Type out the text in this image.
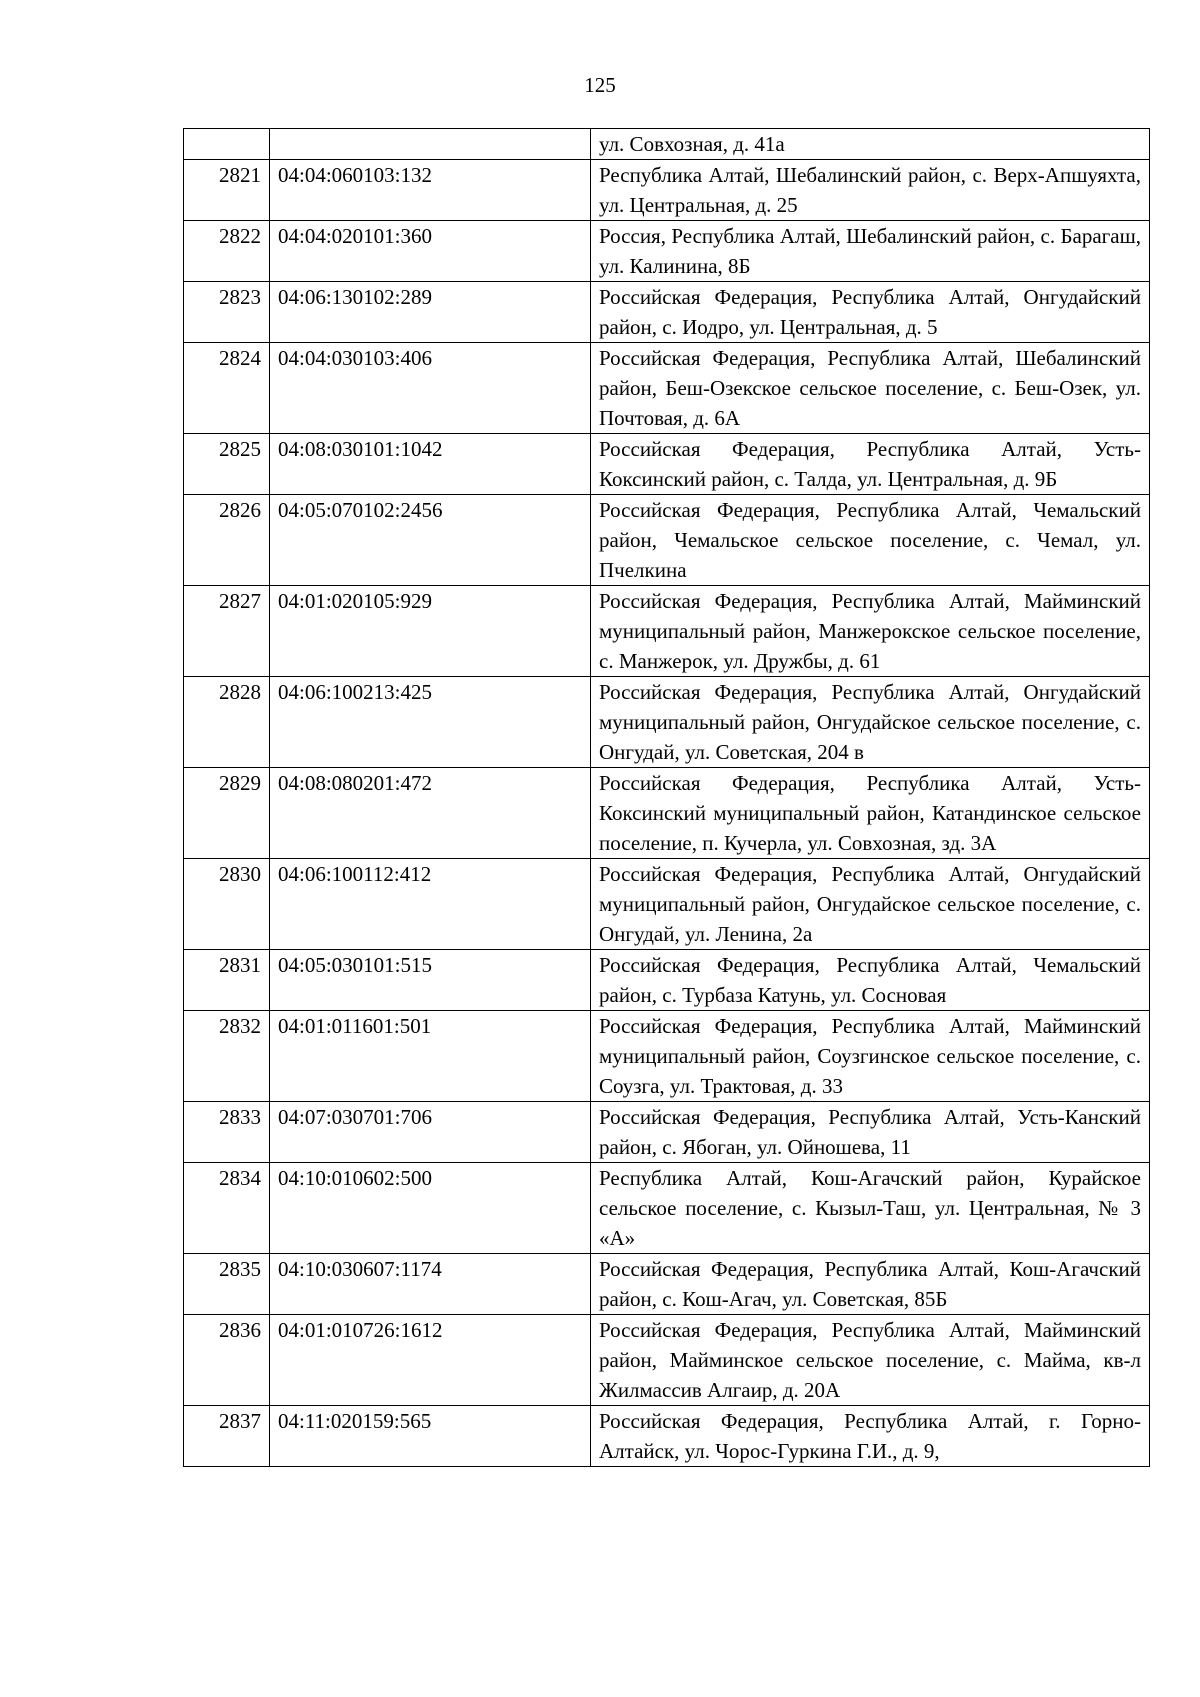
125
		ул. Совхозная, д. 41а
2821	04:04:060103:132	Республика Алтай, Шебалинский район, с. Верх-Апшуяхта, ул. Центральная, д. 25
2822	04:04:020101:360	Россия, Республика Алтай, Шебалинский район, с. Барагаш, ул. Калинина, 8Б
2823	04:06:130102:289	Российская Федерация, Республика Алтай, Онгудайский район, с. Иодро, ул. Центральная, д. 5
2824	04:04:030103:406	Российская Федерация, Республика Алтай, Шебалинский район, Беш-Озекское сельское поселение, с. Беш-Озек, ул. Почтовая, д. 6А
2825	04:08:030101:1042	Российская Федерация, Республика Алтай, Усть-Коксинский район, с. Талда, ул. Центральная, д. 9Б
2826	04:05:070102:2456	Российская Федерация, Республика Алтай, Чемальский район, Чемальское сельское поселение, с. Чемал, ул. Пчелкина
2827	04:01:020105:929	Российская Федерация, Республика Алтай, Майминский муниципальный район, Манжерокское сельское поселение, с. Манжерок, ул. Дружбы, д. 61
2828	04:06:100213:425	Российская Федерация, Республика Алтай, Онгудайский муниципальный район, Онгудайское сельское поселение, с. Онгудай, ул. Советская, 204 в
2829	04:08:080201:472	Российская Федерация, Республика Алтай, Усть-Коксинский муниципальный район, Катандинское сельское поселение, п. Кучерла, ул. Совхозная, зд. 3А
2830	04:06:100112:412	Российская Федерация, Республика Алтай, Онгудайский муниципальный район, Онгудайское сельское поселение, с. Онгудай, ул. Ленина, 2а
2831	04:05:030101:515	Российская Федерация, Республика Алтай, Чемальский район, с. Турбаза Катунь, ул. Сосновая
2832	04:01:011601:501	Российская Федерация, Республика Алтай, Майминский муниципальный район, Соузгинское сельское поселение, с. Соузга, ул. Трактовая, д. 33
2833	04:07:030701:706	Российская Федерация, Республика Алтай, Усть-Канский район, с. Ябоган, ул. Ойношева, 11
2834	04:10:010602:500	Республика Алтай, Кош-Агачский район, Курайское сельское поселение, с. Кызыл-Таш, ул. Центральная, № 3 «А»
2835	04:10:030607:1174	Российская Федерация, Республика Алтай, Кош-Агачский район, с. Кош-Агач, ул. Советская, 85Б
2836	04:01:010726:1612	Российская Федерация, Республика Алтай, Майминский район, Майминское сельское поселение, с. Майма, кв-л Жилмассив Алгаир, д. 20А
2837	04:11:020159:565	Российская Федерация, Республика Алтай, г. Горно-Алтайск, ул. Чорос-Гуркина Г.И., д. 9,
